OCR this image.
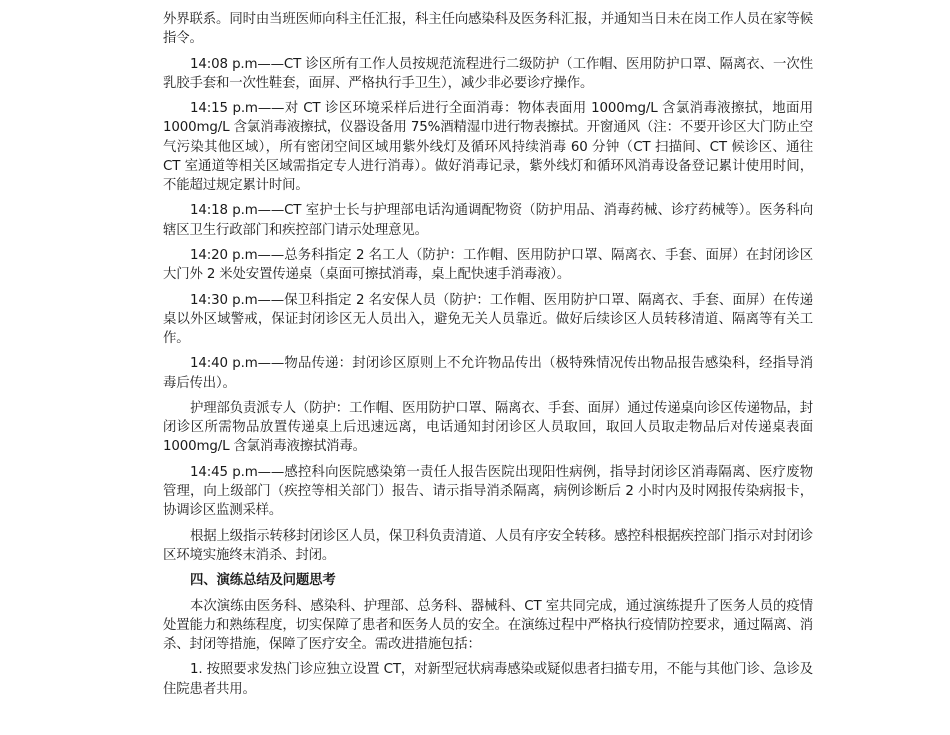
外界联系。同时由当班医师向科主任汇报，科主任向感染科及医务科汇报，并通知当日未在岗工作人员在家等候指令。

14:08 p.m——CT 诊区所有工作人员按规范流程进行二级防护（工作帽、医用防护口罩、隔离衣、一次性乳胶手套和一次性鞋套，面屏、严格执行手卫生），减少非必要诊疗操作。

14:15 p.m——对 CT 诊区环境采样后进行全面消毒：物体表面用 1000mg/L 含氯消毒液擦拭，地面用 1000mg/L 含氯消毒液擦拭，仪器设备用 75%酒精湿巾进行物表擦拭。开窗通风（注：不要开诊区大门防止空气污染其他区域），所有密闭空间区域用紫外线灯及循环风持续消毒 60 分钟（CT 扫描间、CT 候诊区、通往 CT 室通道等相关区域需指定专人进行消毒）。做好消毒记录，紫外线灯和循环风消毒设备登记累计使用时间，不能超过规定累计时间。

14:18 p.m——CT 室护士长与护理部电话沟通调配物资（防护用品、消毒药械、诊疗药械等）。医务科向辖区卫生行政部门和疾控部门请示处理意见。

14:20 p.m——总务科指定 2 名工人（防护：工作帽、医用防护口罩、隔离衣、手套、面屏）在封闭诊区大门外 2 米处安置传递桌（桌面可擦拭消毒，桌上配快速手消毒液）。

14:30 p.m——保卫科指定 2 名安保人员（防护：工作帽、医用防护口罩、隔离衣、手套、面屏）在传递桌以外区域警戒，保证封闭诊区无人员出入，避免无关人员靠近。做好后续诊区人员转移清道、隔离等有关工作。

14:40 p.m——物品传递：封闭诊区原则上不允许物品传出（极特殊情况传出物品报告感染科，经指导消毒后传出）。

护理部负责派专人（防护：工作帽、医用防护口罩、隔离衣、手套、面屏）通过传递桌向诊区传递物品，封闭诊区所需物品放置传递桌上后迅速远离，电话通知封闭诊区人员取回，取回人员取走物品后对传递桌表面 1000mg/L 含氯消毒液擦拭消毒。

14:45 p.m——感控科向医院感染第一责任人报告医院出现阳性病例，指导封闭诊区消毒隔离、医疗废物管理，向上级部门（疾控等相关部门）报告、请示指导消杀隔离，病例诊断后 2 小时内及时网报传染病报卡，协调诊区监测采样。

根据上级指示转移封闭诊区人员，保卫科负责清道、人员有序安全转移。感控科根据疾控部门指示对封闭诊区环境实施终末消杀、封闭。

四、演练总结及问题思考

本次演练由医务科、感染科、护理部、总务科、器械科、CT 室共同完成，通过演练提升了医务人员的疫情处置能力和熟练程度，切实保障了患者和医务人员的安全。在演练过程中严格执行疫情防控要求，通过隔离、消杀、封闭等措施，保障了医疗安全。需改进措施包括：

1. 按照要求发热门诊应独立设置 CT，对新型冠状病毒感染或疑似患者扫描专用，不能与其他门诊、急诊及住院患者共用。
